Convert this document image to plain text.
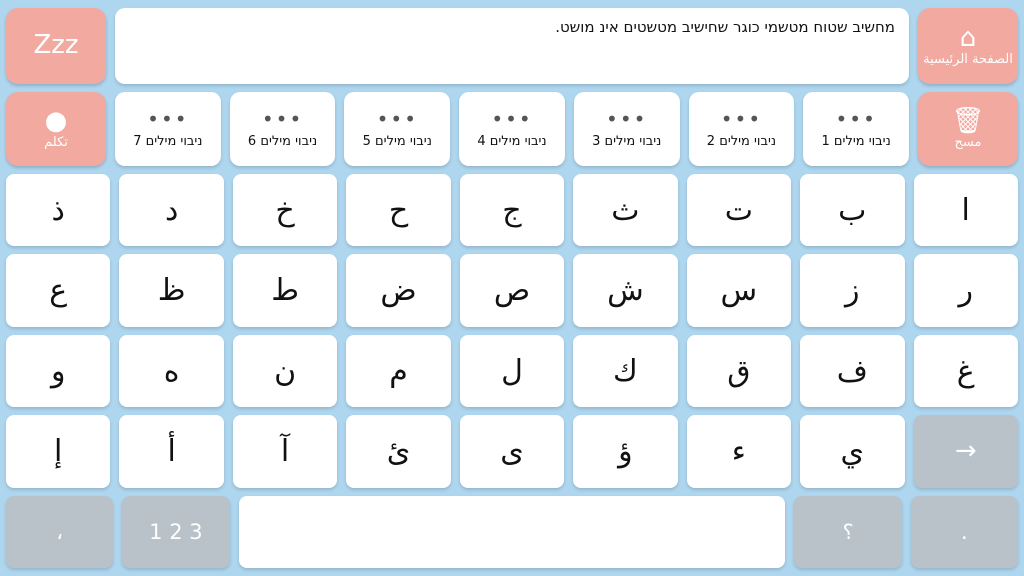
Zᴢᴢ
מחשיב שטוח מטשמי כוגר שחישיב מטשטים אינ מושט.	⌂
الصفحة الرئيسية
●
تكلم
•••
ניבוי מילים 7
•••
ניבוי מילים 6
•••
ניבוי מילים 5
•••
ניבוי מילים 4
•••
ניבוי מילים 3
•••
ניבוי מילים 2
•••
ניבוי מילים 1
🗑
مسح
ذ	د	خ	ح	ج	ث	ت	ب	ا
ع	ظ	ط	ض	ص	ش	س	ز	ر
و	ه	ن	م	ل	ك	ق	ف	غ
إ	أ	آ	ئ	ى	ؤ	ء	ي	→
،	1 2 3	؟	.
